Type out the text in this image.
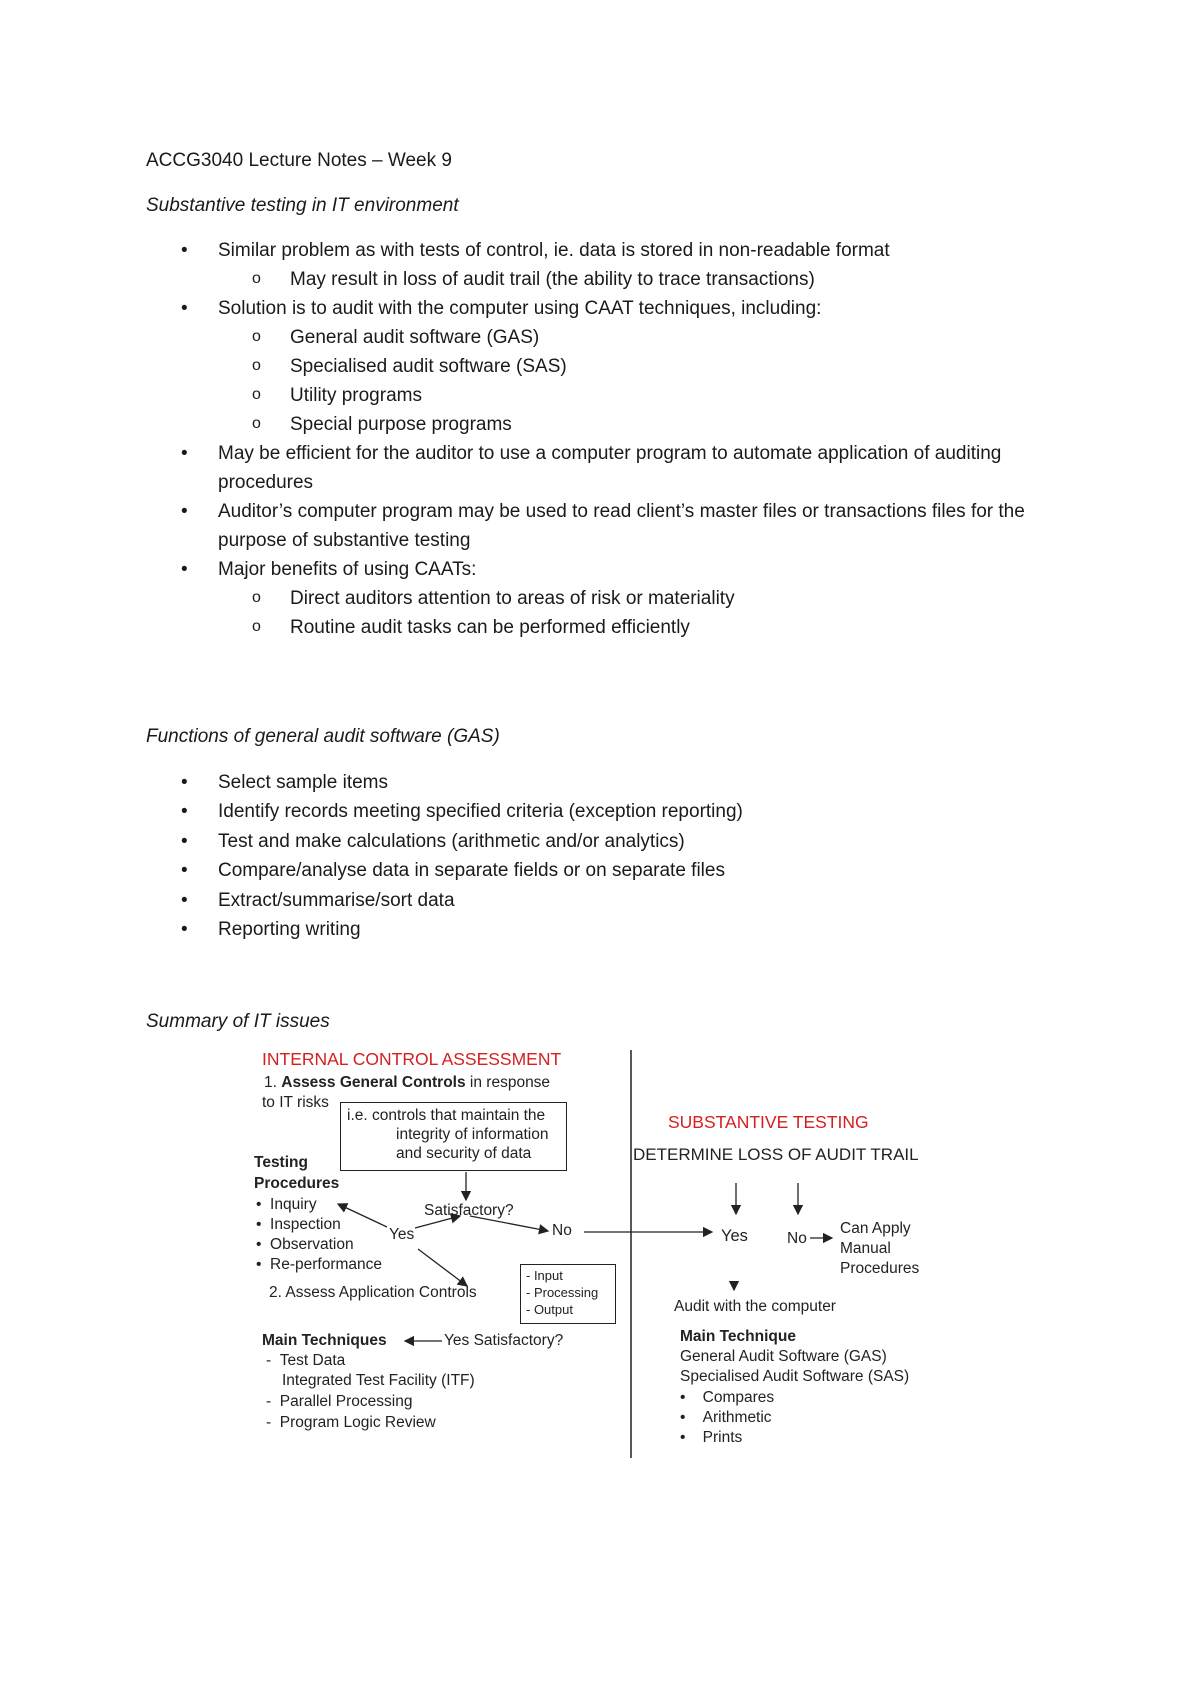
ACCG3040 Lecture Notes – Week 9

Substantive testing in IT environment

• Similar problem as with tests of control, ie. data is stored in non-readable format
o May result in loss of audit trail (the ability to trace transactions)
• Solution is to audit with the computer using CAAT techniques, including:
o General audit software (GAS)
o Specialised audit software (SAS)
o Utility programs
o Special purpose programs
• May be efficient for the auditor to use a computer program to automate application of auditing procedures
• Auditor’s computer program may be used to read client’s master files or transactions files for the purpose of substantive testing
• Major benefits of using CAATs:
o Direct auditors attention to areas of risk or materiality
o Routine audit tasks can be performed efficiently

Functions of general audit software (GAS)

• Select sample items
• Identify records meeting specified criteria (exception reporting)
• Test and make calculations (arithmetic and/or analytics)
• Compare/analyse data in separate fields or on separate files
• Extract/summarise/sort data
• Reporting writing

Summary of IT issues

INTERNAL CONTROL ASSESSMENT
1. Assess General Controls in response
to IT risks
i.e. controls that maintain the
integrity of information
and security of data
Testing
Procedures
•  Inquiry
•  Inspection
•  Observation
•  Re-performance
Satisfactory?
Yes	No
2. Assess Application Controls
- Input
- Processing
- Output
Main Techniques	Yes Satisfactory?
-  Test Data
Integrated Test Facility (ITF)
-  Parallel Processing
-  Program Logic Review
SUBSTANTIVE TESTING
DETERMINE LOSS OF AUDIT TRAIL
Yes	No
Can Apply
Manual
Procedures
Audit with the computer
Main Technique
General Audit Software (GAS)
Specialised Audit Software (SAS)
•    Compares
•    Arithmetic
•    Prints
